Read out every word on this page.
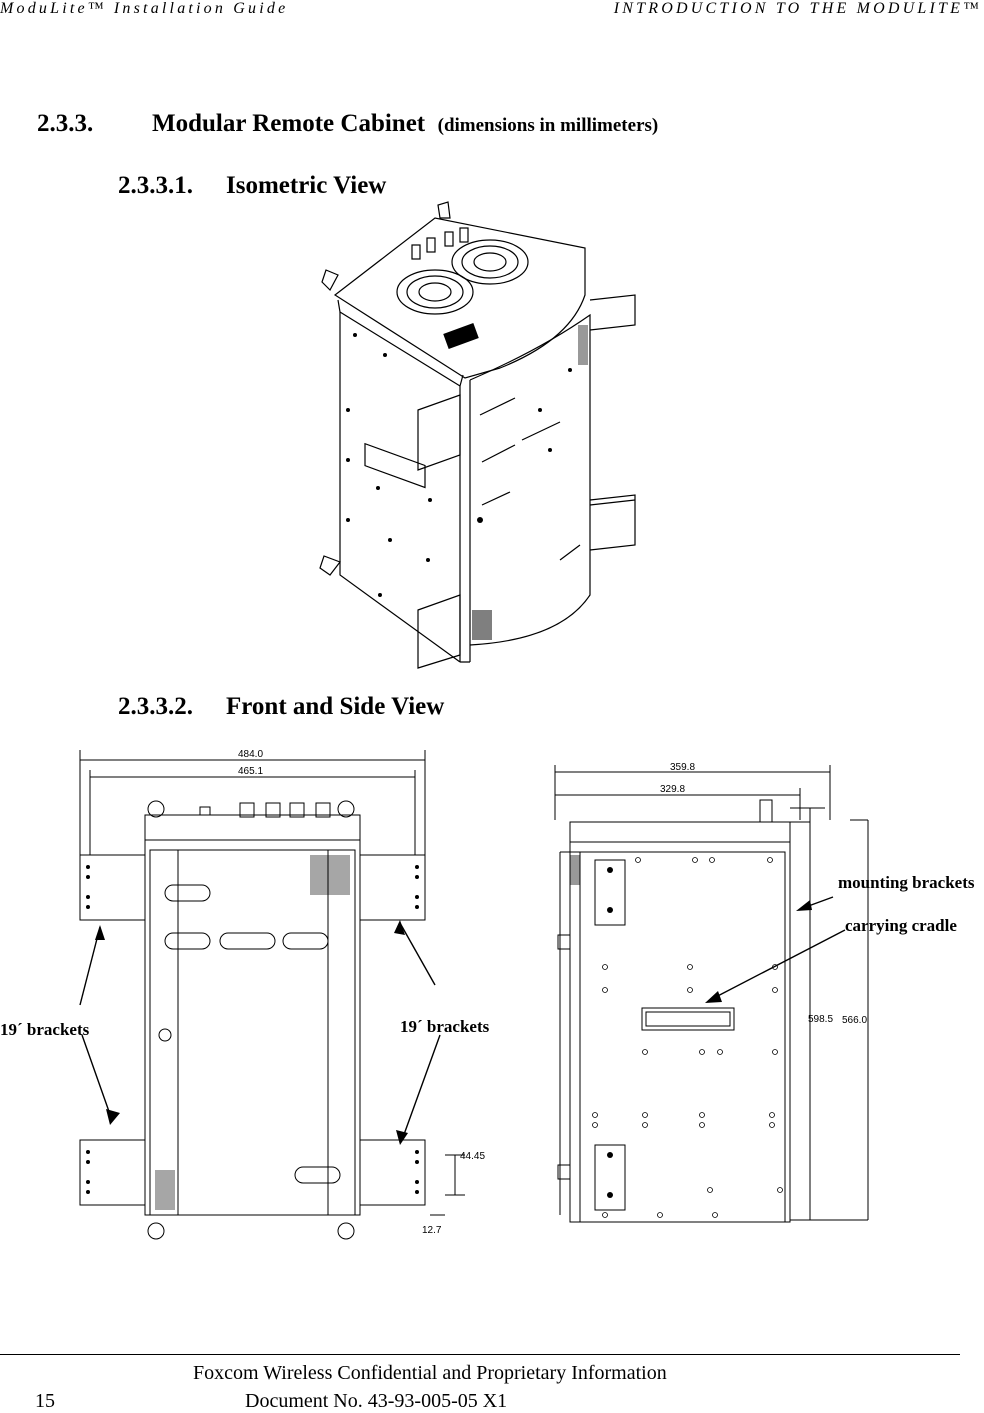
ModuLite™ Installation Guide	INTRODUCTION TO THE MODULITE™
2.3.3. Modular Remote Cabinet (dimensions in millimeters)
2.3.3.1. Isometric View
2.3.3.2. Front and Side View
484.0
465.1
44.45
12.7
19´ brackets	19´ brackets
359.8
329.8
598.5 566.0
mounting brackets
carrying cradle
Foxcom Wireless Confidential and Proprietary Information
15	Document No. 43-93-005-05 X1
